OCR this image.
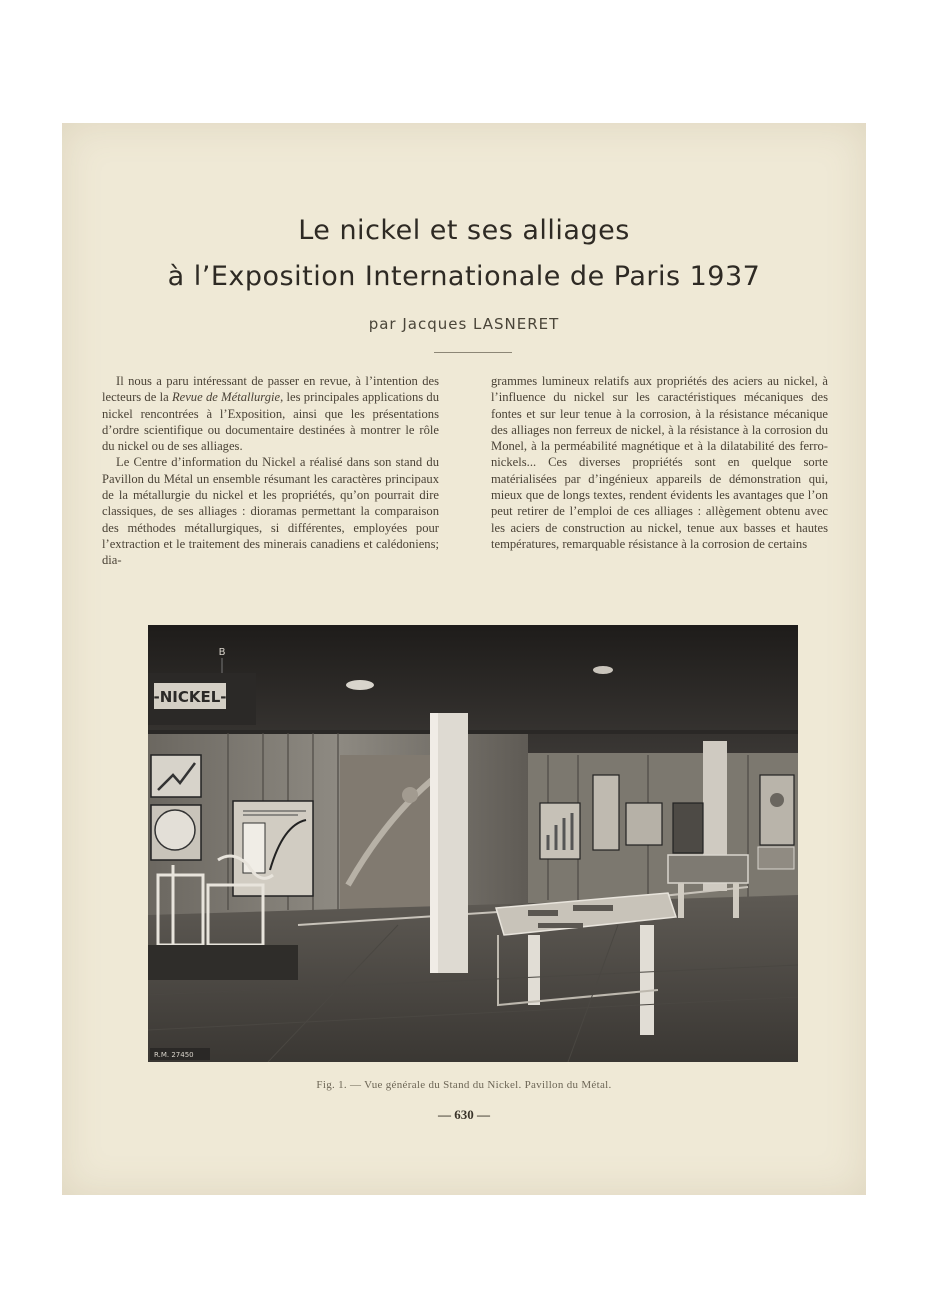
Le nickel et ses alliages
à l’Exposition Internationale de Paris 1937
par Jacques LASNERET

Il nous a paru intéressant de passer en revue, à l’intention des lecteurs de la Revue de Métallurgie, les principales applications du nickel rencontrées à l’Exposition, ainsi que les présentations d’ordre scientifique ou documentaire destinées à montrer le rôle du nickel ou de ses alliages.

Le Centre d’information du Nickel a réalisé dans son stand du Pavillon du Métal un ensemble résumant les caractères principaux de la métallurgie du nickel et les propriétés, qu’on pourrait dire classiques, de ses alliages : dioramas permettant la comparaison des méthodes métallurgiques, si différentes, employées pour l’extraction et le traitement des minerais canadiens et calédoniens; dia-

grammes lumineux relatifs aux propriétés des aciers au nickel, à l’influence du nickel sur les caractéristiques mécaniques des fontes et sur leur tenue à la corrosion, à la résistance mécanique des alliages non ferreux de nickel, à la résistance à la corrosion du Monel, à la perméabilité magnétique et à la dilatabilité des ferro-nickels... Ces diverses propriétés sont en quelque sorte matérialisées par d’ingénieux appareils de démonstration qui, mieux que de longs textes, rendent évidents les avantages que l’on peut retirer de l’emploi de ces alliages : allègement obtenu avec les aciers de construction au nickel, tenue aux basses et hautes températures, remarquable résistance à la corrosion de certains

-NICKEL-
B
R.M. 27450
Fig. 1. — Vue générale du Stand du Nickel. Pavillon du Métal.
— 630 —
